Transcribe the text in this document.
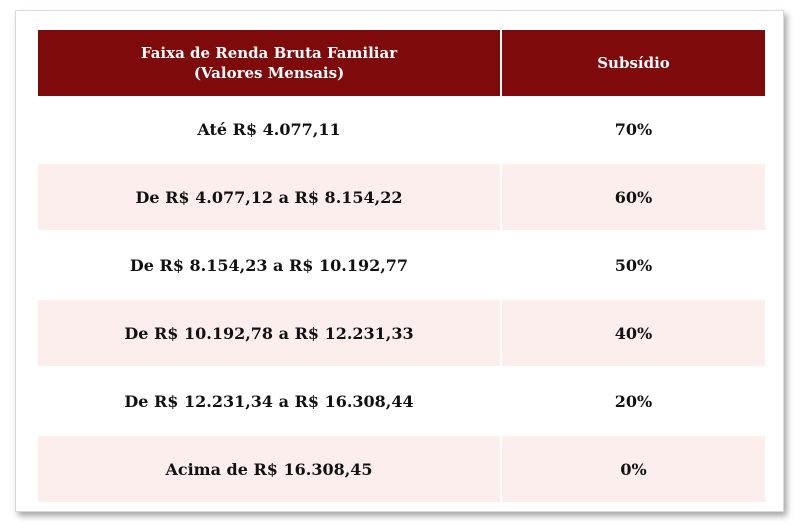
Faixa de Renda Bruta Familiar
(Valores Mensais)	Subsídio
Até R$ 4.077,11	70%
De R$ 4.077,12 a R$ 8.154,22	60%
De R$ 8.154,23 a R$ 10.192,77	50%
De R$ 10.192,78 a R$ 12.231,33	40%
De R$ 12.231,34 a R$ 16.308,44	20%
Acima de R$ 16.308,45	0%
